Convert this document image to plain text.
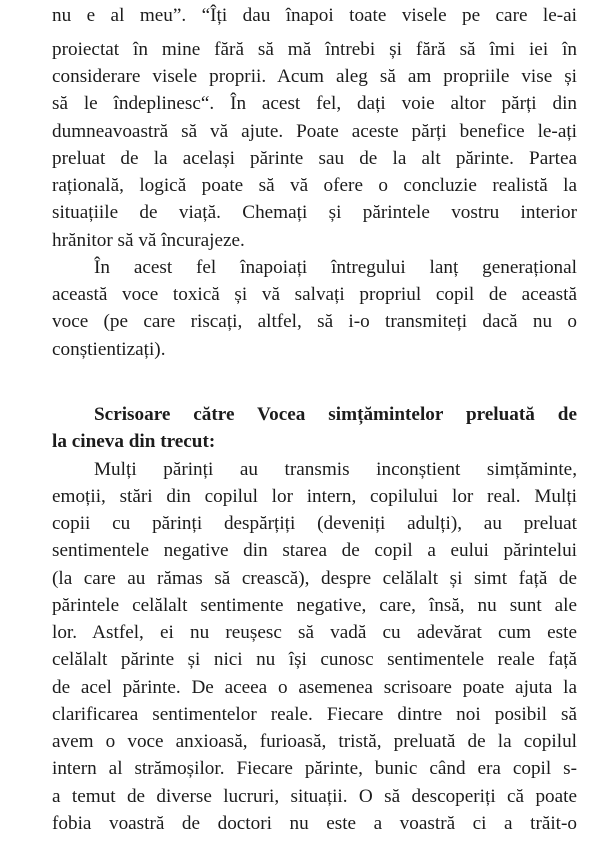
nu e al meu”. “Îți dau înapoi toate visele pe care le-ai
proiectat în mine fără să mă întrebi și fără să îmi iei în
considerare visele proprii. Acum aleg să am propriile vise și
să le îndeplinesc“. În acest fel, dați voie altor părți din
dumneavoastră să vă ajute. Poate aceste părți benefice le-ați
preluat de la același părinte sau de la alt părinte. Partea
rațională, logică poate să vă ofere o concluzie realistă la
situațiile de viață. Chemați și părintele vostru interior
hrănitor să vă încurajeze.
În acest fel înapoiați întregului lanț generațional
această voce toxică și vă salvați propriul copil de această
voce (pe care riscați, altfel, să i-o transmiteți dacă nu o
conștientizați).
Scrisoare către Vocea simțămintelor preluată de
la cineva din trecut:
Mulți părinți au transmis inconștient simțăminte,
emoții, stări din copilul lor intern, copilului lor real. Mulți
copii cu părinți despărțiți (deveniți adulți), au preluat
sentimentele negative din starea de copil a eului părintelui
(la care au rămas să crească), despre celălalt și simt față de
părintele celălalt sentimente negative, care, însă, nu sunt ale
lor. Astfel, ei nu reușesc să vadă cu adevărat cum este
celălalt părinte și nici nu își cunosc sentimentele reale față
de acel părinte. De aceea o asemenea scrisoare poate ajuta la
clarificarea sentimentelor reale. Fiecare dintre noi posibil să
avem o voce anxioasă, furioasă, tristă, preluată de la copilul
intern al strămoșilor. Fiecare părinte, bunic când era copil s-
a temut de diverse lucruri, situații. O să descoperiți că poate
fobia voastră de doctori nu este a voastră ci a trăit-o
